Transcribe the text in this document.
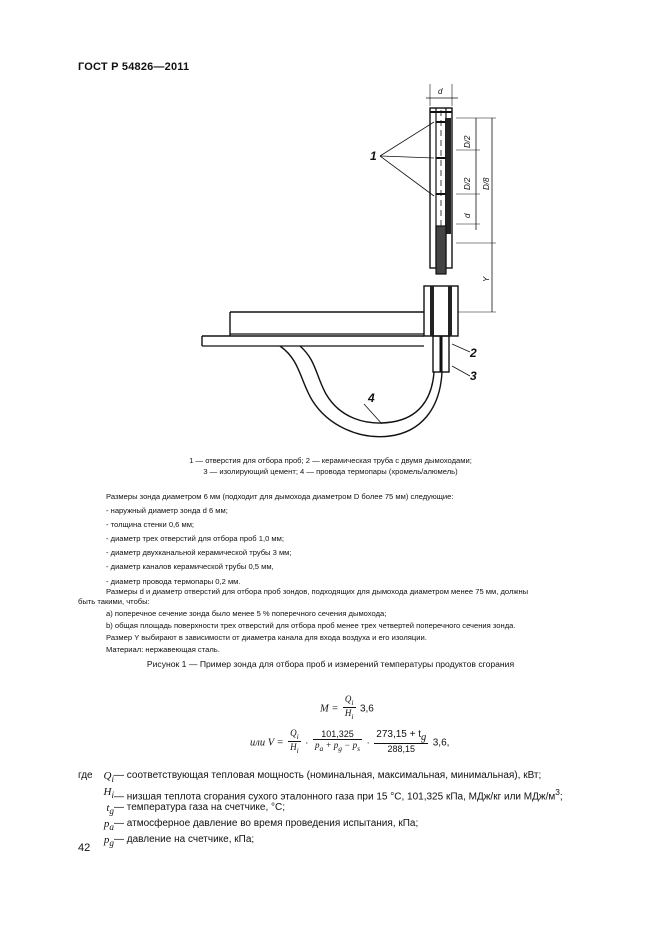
ГОСТ Р 54826—2011
1
2
3
4
d
D/2
D/2 D/8
d
Y
1 — отверстия для отбора проб; 2 — керамическая труба с двумя дымоходами;
3 — изолирующий цемент; 4 — провода термопары (хромель/алюмель)
Размеры зонда диаметром 6 мм (подходит для дымохода диаметром D более 75 мм) следующие:
- наружный диаметр зонда d 6 мм;
- толщина стенки 0,6 мм;
- диаметр трех отверстий для отбора проб 1,0 мм;
- диаметр двухканальной керамической трубы 3 мм;
- диаметр каналов керамической трубы 0,5 мм,
- диаметр провода термопары 0,2 мм.
Размеры d и диаметр отверстий для отбора проб зондов, подходящих для дымохода диаметром менее 75 мм, должны
быть такими, чтобы:
а) поперечное сечение зонда было менее 5 % поперечного сечения дымохода;
b) общая площадь поверхности трех отверстий для отбора проб менее трех четвертей поперечного сечения зонда.
Размер Y выбирают в зависимости от диаметра канала для входа воздуха и его изоляции.
Материал: нержавеющая сталь.
Рисунок 1 — Пример зонда для отбора проб и измерений температуры продуктов сгорания
$M = \frac{Q_i}{H_i} 3,6$
или $V = \frac{Q_i}{H_i} \cdot \frac{101,325}{p_a + p_g - p_s} \cdot \frac{273,15 + t_g}{288,15} 3,6$,
где $Q_i$ — соответствующая тепловая мощность (номинальная, максимальная, минимальная), кВт;
$H_i$ — низшая теплота сгорания сухого эталонного газа при 15 °С, 101,325 кПа, МДж/кг или МДж/$м^3$;
$t_g$ — температура газа на счетчике, °С;
$p_a$ — атмосферное давление во время проведения испытания, кПа;
$p_g$ — давление на счетчике, кПа;
42
